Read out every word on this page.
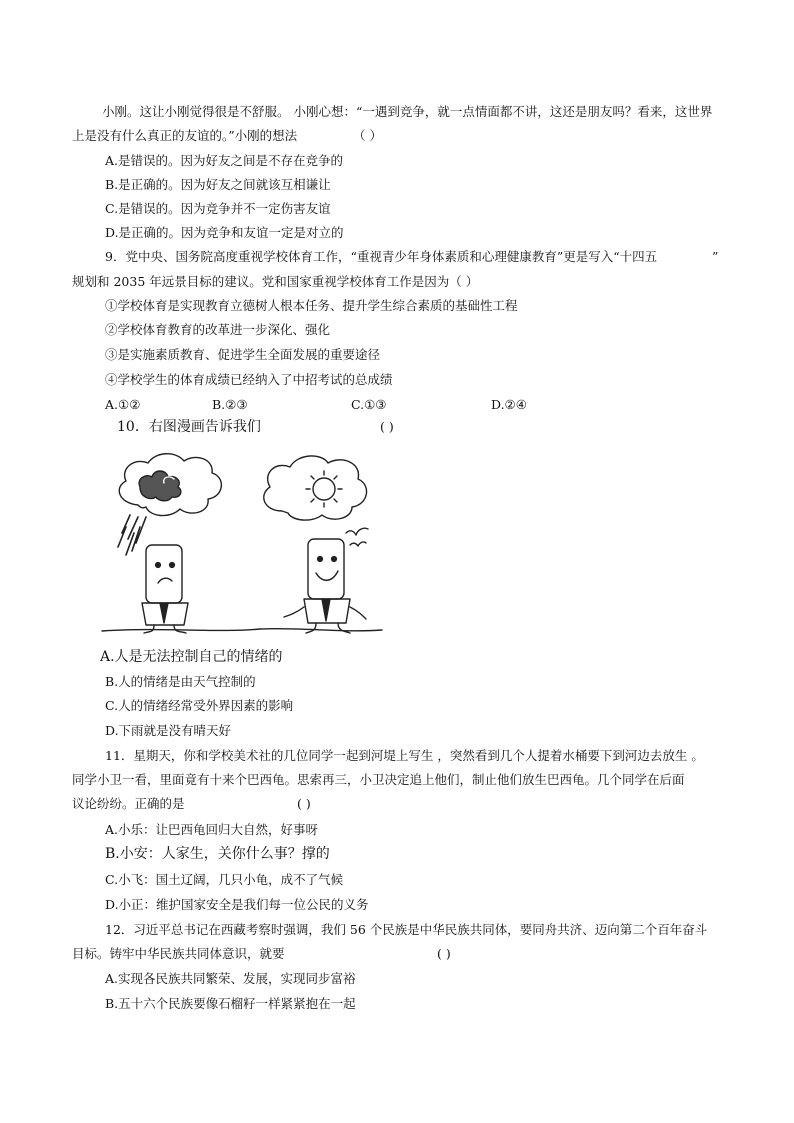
小刚。这让小刚觉得很是不舒服。 小刚心想：“一遇到竞争，就一点情面都不讲，这还是朋友吗？看来，这世界
上是没有什么真正的友谊的。”小刚的想法	（ ）
A.是错误的。因为好友之间是不存在竞争的
B.是正确的。因为好友之间就该互相谦让
C.是错误的。因为竞争并不一定伤害友谊
D.是正确的。因为竞争和友谊一定是对立的
9．党中央、国务院高度重视学校体育工作，“重视青少年身体素质和心理健康教育”更是写入“十四五	”
规划和 2035 年远景目标的建议。党和国家重视学校体育工作是因为（ ）
①学校体育是实现教育立德树人根本任务、提升学生综合素质的基础性工程
②学校体育教育的改革进一步深化、强化
③是实施素质教育、促进学生全面发展的重要途径
④学校学生的体育成绩已经纳入了中招考试的总成绩
A.①②	B.②③	C.①③	D.②④
10．右图漫画告诉我们	( )
A.人是无法控制自己的情绪的
B.人的情绪是由天气控制的
C.人的情绪经常受外界因素的影响
D.下雨就是没有晴天好
11．星期天，你和学校美术社的几位同学一起到河堤上写生 ，突然看到几个人提着水桶要下到河边去放生 。
同学小卫一看，里面竟有十来个巴西龟。思索再三，小卫决定追上他们，制止他们放生巴西龟。几个同学在后面
议论纷纷。正确的是	( )
A.小乐：让巴西龟回归大自然，好事呀
B.小安：人家生，关你什么事？撑的
C.小飞：国土辽阔，几只小龟，成不了气候
D.小正：维护国家安全是我们每一位公民的义务
12．习近平总书记在西藏考察时强调，我们 56 个民族是中华民族共同体，要同舟共济、迈向第二个百年奋斗
目标。铸牢中华民族共同体意识，就要	( )
A.实现各民族共同繁荣、发展，实现同步富裕
B.五十六个民族要像石榴籽一样紧紧抱在一起
